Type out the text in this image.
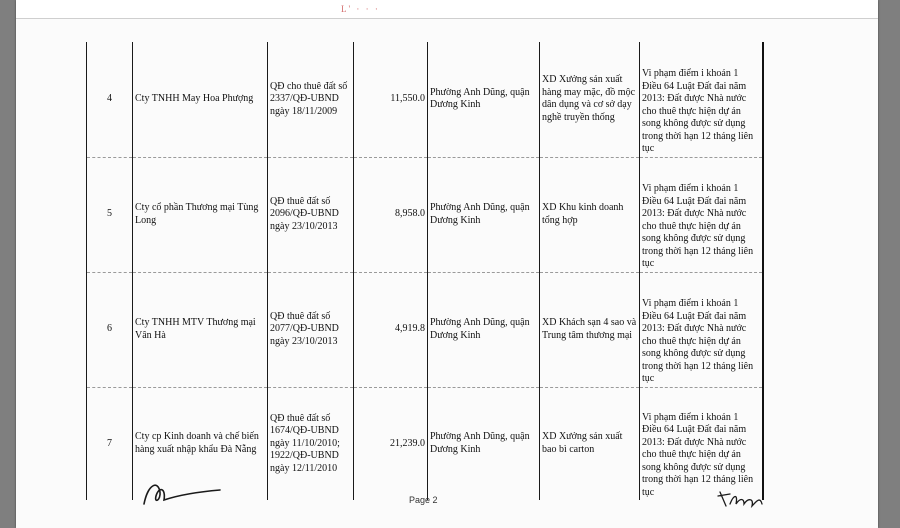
L' · · ·
4	Cty TNHH May Hoa Phượng	QĐ cho thuê đất số 2337/QĐ-UBND ngày 18/11/2009	11,550.0	Phường Anh Dũng, quận Dương Kinh	XD Xưởng sản xuất hàng may mặc, đồ mộc dân dụng và cơ sở dạy nghề truyền thống	Vi phạm điểm i khoản 1 Điều 64 Luật Đất đai năm 2013: Đất được Nhà nước cho thuê thực hiện dự án song không được sử dụng trong thời hạn 12 tháng liên tục
5	Cty cổ phần Thương mại Tùng Long	QĐ thuê đất số 2096/QĐ-UBND ngày 23/10/2013	8,958.0	Phường Anh Dũng, quận Dương Kinh	XD Khu kinh doanh tổng hợp	Vi phạm điểm i khoản 1 Điều 64 Luật Đất đai năm 2013: Đất được Nhà nước cho thuê thực hiện dự án song không được sử dụng trong thời hạn 12 tháng liên tục
6	Cty TNHH MTV Thương mại Vân Hà	QĐ thuê đất số 2077/QĐ-UBND ngày 23/10/2013	4,919.8	Phường Anh Dũng, quận Dương Kinh	XD Khách sạn 4 sao và Trung tâm thương mại	Vi phạm điểm i khoản 1 Điều 64 Luật Đất đai năm 2013: Đất được Nhà nước cho thuê thực hiện dự án song không được sử dụng trong thời hạn 12 tháng liên tục
7	Cty cp Kinh doanh và chế biến hàng xuất nhập khẩu Đà Nẵng	QĐ thuê đất số 1674/QĐ-UBND ngày 11/10/2010; 1922/QĐ-UBND ngày 12/11/2010	21,239.0	Phường Anh Dũng, quận Dương Kinh	XD Xưởng sản xuất bao bì carton	Vi phạm điểm i khoản 1 Điều 64 Luật Đất đai năm 2013: Đất được Nhà nước cho thuê thực hiện dự án song không được sử dụng trong thời hạn 12 tháng liên tục
Page 2
